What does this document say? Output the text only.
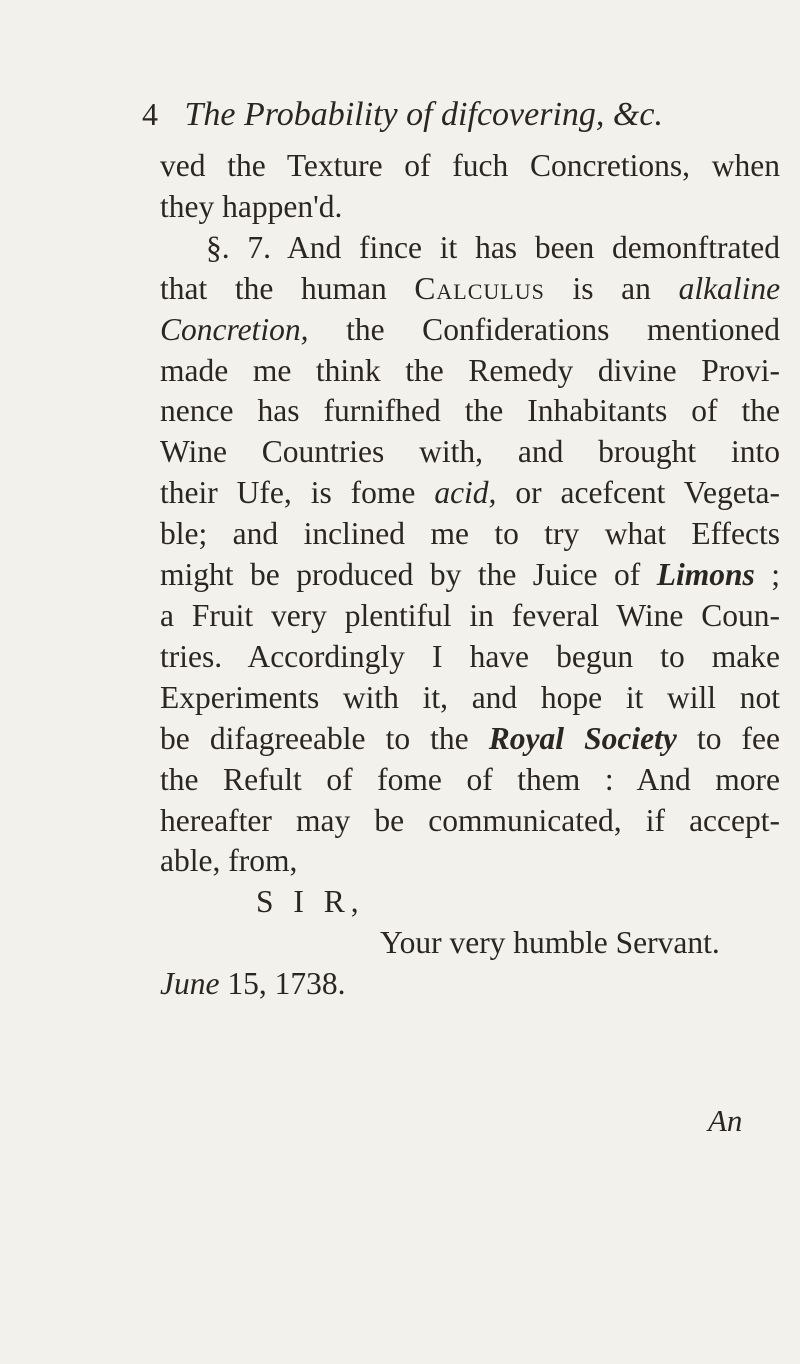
4 The Probability of difcovering, &c.
ved the Texture of fuch Concretions, when
they happen'd.
§. 7. And fince it has been demonftrated
that the human Calculus is an alkaline
Concretion, the Confiderations mentioned
made me think the Remedy divine Provi-
nence has furnifhed the Inhabitants of the
Wine Countries with, and brought into
their Ufe, is fome acid, or acefcent Vegeta-
ble; and inclined me to try what Effects
might be produced by the Juice of Limons ;
a Fruit very plentiful in feveral Wine Coun-
tries. Accordingly I have begun to make
Experiments with it, and hope it will not
be difagreeable to the Royal Society to fee
the Refult of fome of them : And more
hereafter may be communicated, if accept-
able, from,
S I R,
Your very humble Servant.
June 15, 1738.
An
